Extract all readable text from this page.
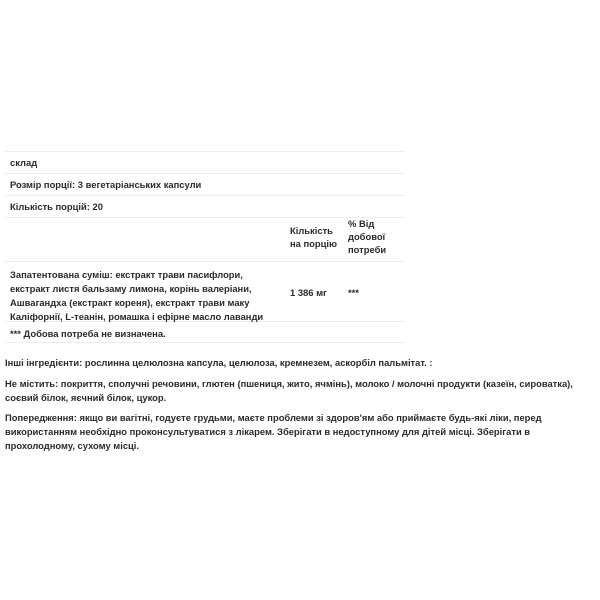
склад
Розмір порції: 3 вегетаріанських капсули
Кількість порцій: 20
Кількість на порцію
% Від добової потреби
Запатентована суміш: екстракт трави пасифлори, екстракт листя бальзаму лимона, корінь валеріани, Ашвагандха (екстракт кореня), екстракт трави маку Каліфорнії, L-теанін, ромашка і ефірне масло лаванди
1 386 мг ***
*** Добова потреба не визначена.
Інші інгредієнти: рослинна целюлозна капсула, целюлоза, кремнезем, аскорбіл пальмітат. :
Не містить: покриття, сполучні речовини, глютен (пшениця, жито, ячмінь), молоко / молочні продукти (казеїн, сироватка), соєвий білок, яєчний білок, цукор.
Попередження: якщо ви вагітні, годуєте грудьми, маєте проблеми зі здоров'ям або приймаєте будь-які ліки, перед використанням необхідно проконсультуватися з лікарем. Зберігати в недоступному для дітей місці. Зберігати в прохолодному, сухому місці.
